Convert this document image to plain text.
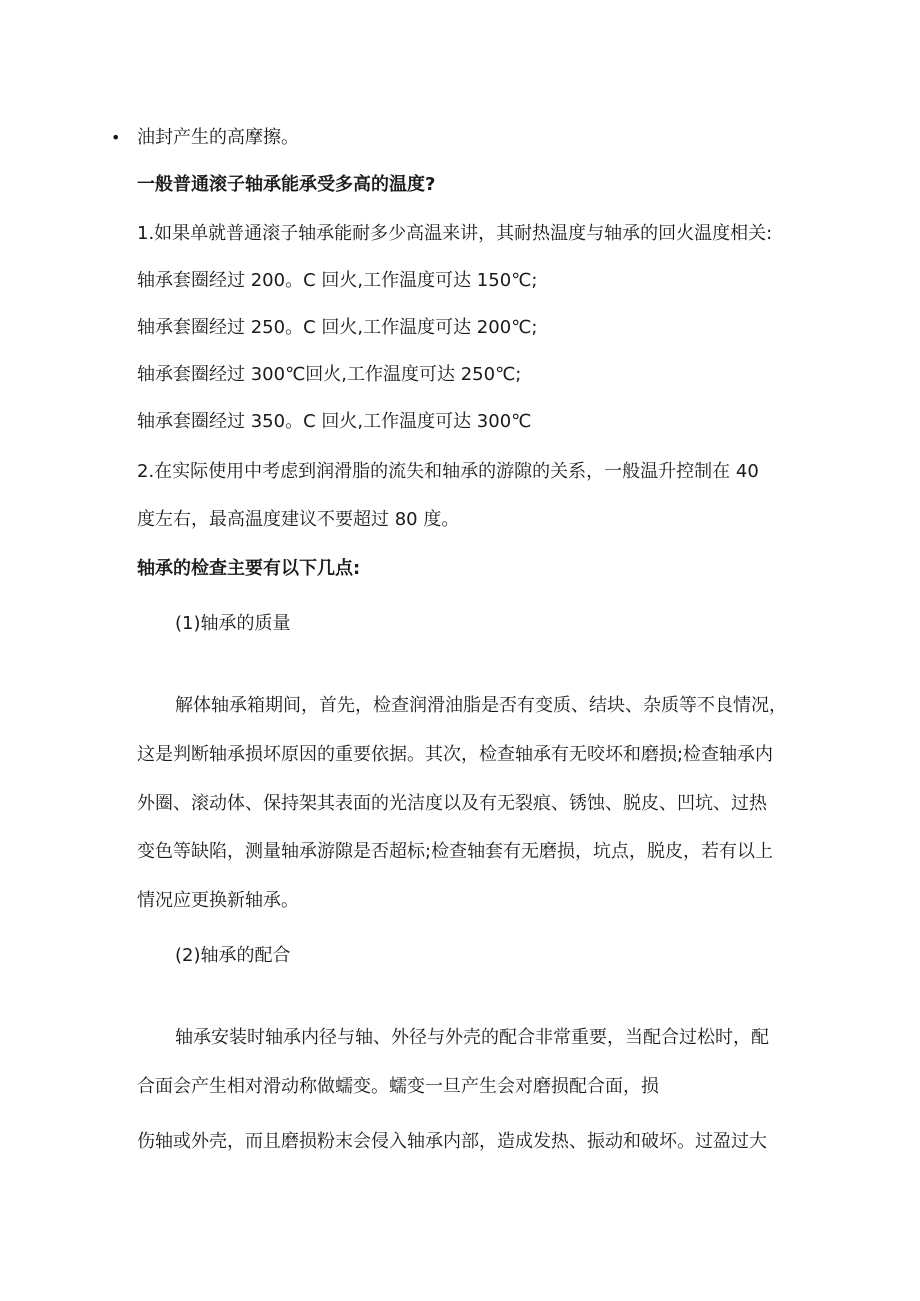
• 油封产生的高摩擦。
一般普通滚子轴承能承受多高的温度?
1.如果单就普通滚子轴承能耐多少高温来讲，其耐热温度与轴承的回火温度相关:
轴承套圈经过 200。C 回火,工作温度可达 150℃;
轴承套圈经过 250。C 回火,工作温度可达 200℃;
轴承套圈经过 300℃回火,工作温度可达 250℃;
轴承套圈经过 350。C 回火,工作温度可达 300℃
2.在实际使用中考虑到润滑脂的流失和轴承的游隙的关系，一般温升控制在 40
度左右，最高温度建议不要超过 80 度。
轴承的检查主要有以下几点:
(1)轴承的质量
解体轴承箱期间，首先，检查润滑油脂是否有变质、结块、杂质等不良情况，
这是判断轴承损坏原因的重要依据。其次，检查轴承有无咬坏和磨损;检查轴承内
外圈、滚动体、保持架其表面的光洁度以及有无裂痕、锈蚀、脱皮、凹坑、过热
变色等缺陷，测量轴承游隙是否超标;检查轴套有无磨损，坑点，脱皮，若有以上
情况应更换新轴承。
(2)轴承的配合
轴承安装时轴承内径与轴、外径与外壳的配合非常重要，当配合过松时，配
合面会产生相对滑动称做蠕变。蠕变一旦产生会对磨损配合面，损
伤轴或外壳，而且磨损粉末会侵入轴承内部，造成发热、振动和破坏。过盈过大
